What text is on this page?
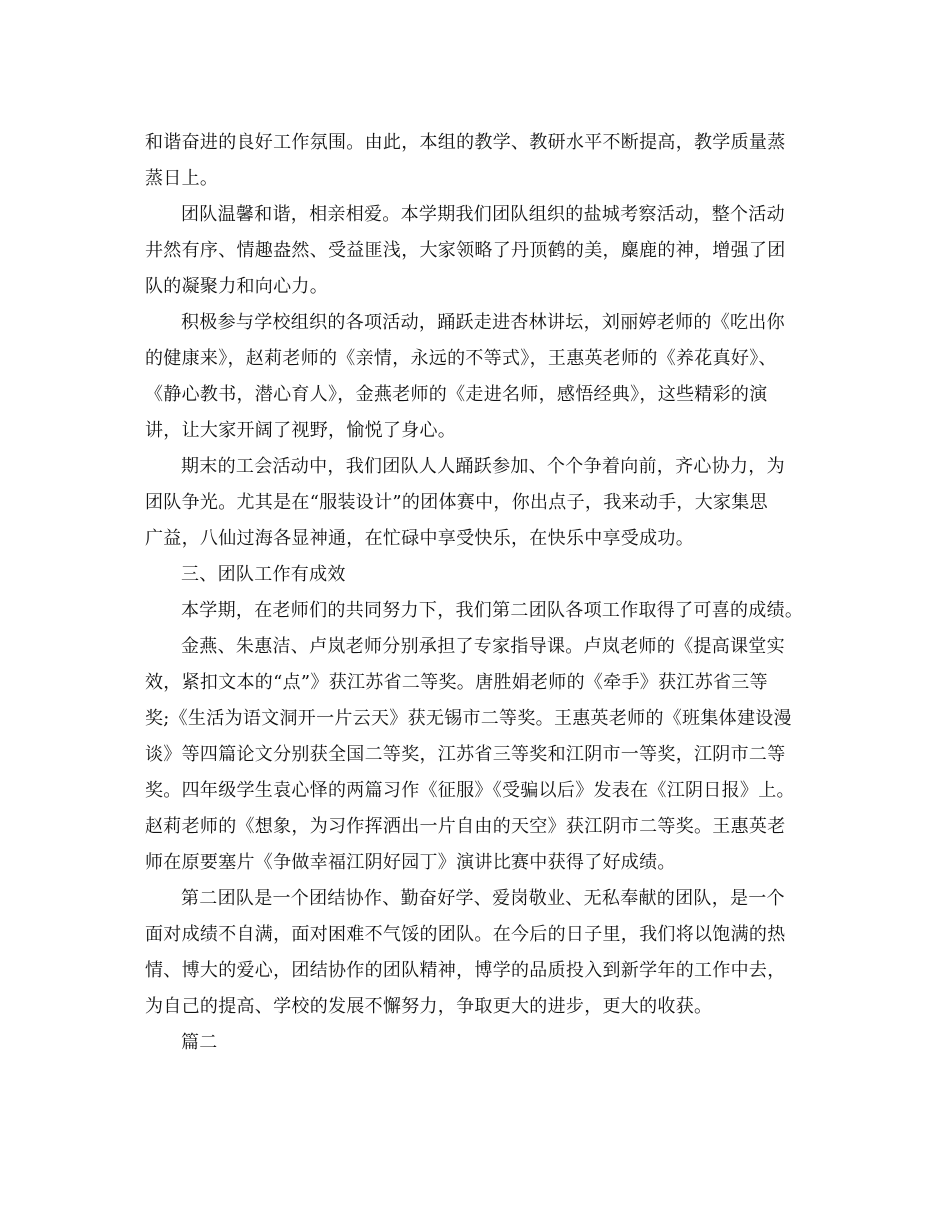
和谐奋进的良好工作氛围。由此，本组的教学、教研水平不断提高，教学质量蒸
蒸日上。
团队温馨和谐，相亲相爱。本学期我们团队组织的盐城考察活动，整个活动
井然有序、情趣盎然、受益匪浅，大家领略了丹顶鹤的美，麋鹿的神，增强了团
队的凝聚力和向心力。
积极参与学校组织的各项活动，踊跃走进杏林讲坛，刘丽婷老师的《吃出你
的健康来》，赵莉老师的《亲情，永远的不等式》，王惠英老师的《养花真好》、
《静心教书，潜心育人》，金燕老师的《走进名师，感悟经典》，这些精彩的演
讲，让大家开阔了视野，愉悦了身心。
期末的工会活动中，我们团队人人踊跃参加、个个争着向前，齐心协力，为
团队争光。尤其是在“服装设计”的团体赛中，你出点子，我来动手，大家集思
广益，八仙过海各显神通，在忙碌中享受快乐，在快乐中享受成功。
三、团队工作有成效
本学期，在老师们的共同努力下，我们第二团队各项工作取得了可喜的成绩。
金燕、朱惠洁、卢岚老师分别承担了专家指导课。卢岚老师的《提高课堂实
效，紧扣文本的“点”》获江苏省二等奖。唐胜娟老师的《牵手》获江苏省三等
奖;《生活为语文洞开一片云天》获无锡市二等奖。王惠英老师的《班集体建设漫
谈》等四篇论文分别获全国二等奖，江苏省三等奖和江阴市一等奖，江阴市二等
奖。四年级学生袁心怿的两篇习作《征服》《受骗以后》发表在《江阴日报》上。
赵莉老师的《想象，为习作挥洒出一片自由的天空》获江阴市二等奖。王惠英老
师在原要塞片《争做幸福江阴好园丁》演讲比赛中获得了好成绩。
第二团队是一个团结协作、勤奋好学、爱岗敬业、无私奉献的团队，是一个
面对成绩不自满，面对困难不气馁的团队。在今后的日子里，我们将以饱满的热
情、博大的爱心，团结协作的团队精神，博学的品质投入到新学年的工作中去，
为自己的提高、学校的发展不懈努力，争取更大的进步，更大的收获。
篇二
